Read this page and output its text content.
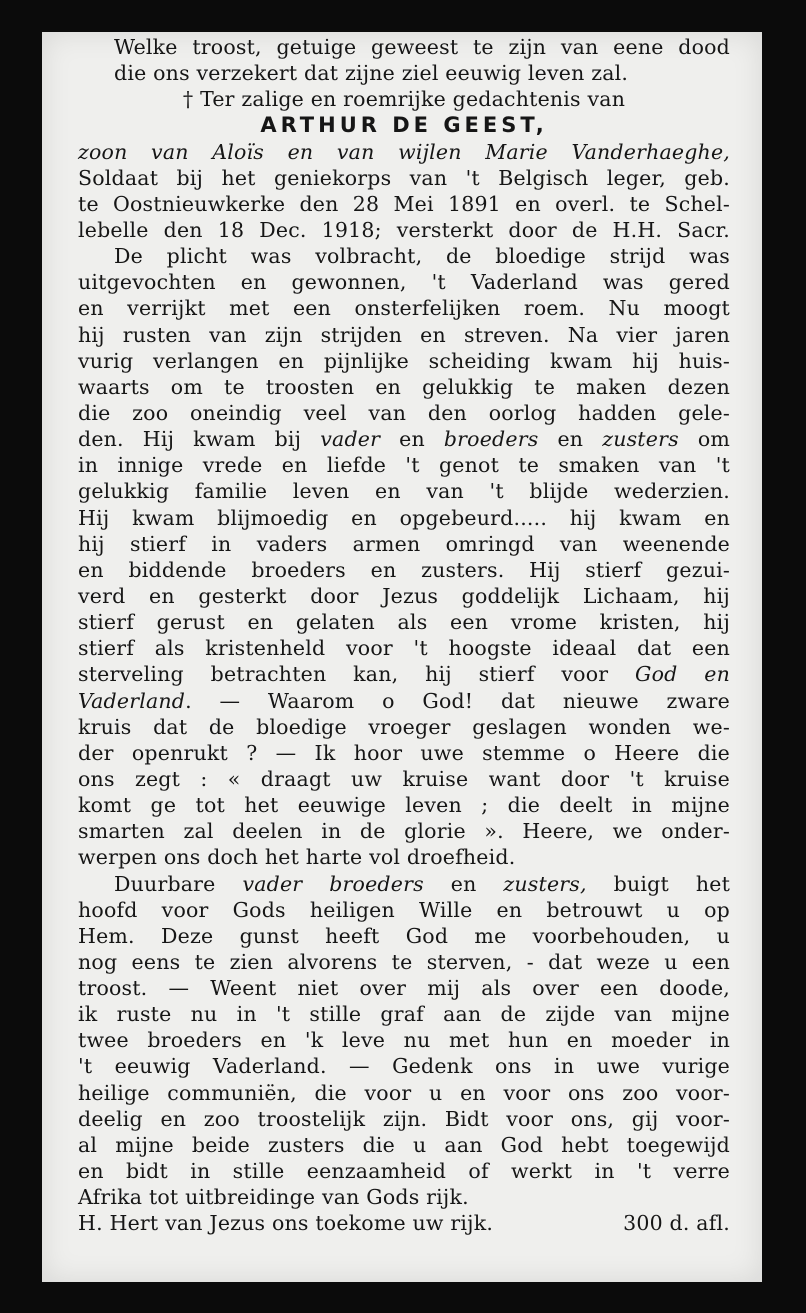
Welke troost, getuige geweest te zijn van eene dood
die ons verzekert dat zijne ziel eeuwig leven zal.
† Ter zalige en roemrijke gedachtenis van
ARTHUR DE GEEST,
zoon van Aloïs en van wijlen Marie Vanderhaeghe,
Soldaat bij het geniekorps van 't Belgisch leger, geb.
te Oostnieuwkerke den 28 Mei 1891 en overl. te Schel-
lebelle den 18 Dec. 1918; versterkt door de H.H. Sacr.
De plicht was volbracht, de bloedige strijd was
uitgevochten en gewonnen, 't Vaderland was gered
en verrijkt met een onsterfelijken roem. Nu moogt
hij rusten van zijn strijden en streven. Na vier jaren
vurig verlangen en pijnlijke scheiding kwam hij huis-
waarts om te troosten en gelukkig te maken dezen
die zoo oneindig veel van den oorlog hadden gele-
den. Hij kwam bij vader en broeders en zusters om
in innige vrede en liefde 't genot te smaken van 't
gelukkig familie leven en van 't blijde wederzien.
Hij kwam blijmoedig en opgebeurd..... hij kwam en
hij stierf in vaders armen omringd van weenende
en biddende broeders en zusters. Hij stierf gezui-
verd en gesterkt door Jezus goddelijk Lichaam, hij
stierf gerust en gelaten als een vrome kristen, hij
stierf als kristenheld voor 't hoogste ideaal dat een
sterveling betrachten kan, hij stierf voor God en
Vaderland. — Waarom o God! dat nieuwe zware
kruis dat de bloedige vroeger geslagen wonden we-
der openrukt ? — Ik hoor uwe stemme o Heere die
ons zegt : « draagt uw kruise want door 't kruise
komt ge tot het eeuwige leven ; die deelt in mijne
smarten zal deelen in de glorie ». Heere, we onder-
werpen ons doch het harte vol droefheid.
Duurbare vader broeders en zusters, buigt het
hoofd voor Gods heiligen Wille en betrouwt u op
Hem. Deze gunst heeft God me voorbehouden, u
nog eens te zien alvorens te sterven, - dat weze u een
troost. — Weent niet over mij als over een doode,
ik ruste nu in 't stille graf aan de zijde van mijne
twee broeders en 'k leve nu met hun en moeder in
't eeuwig Vaderland. — Gedenk ons in uwe vurige
heilige communiën, die voor u en voor ons zoo voor-
deelig en zoo troostelijk zijn. Bidt voor ons, gij voor-
al mijne beide zusters die u aan God hebt toegewijd
en bidt in stille eenzaamheid of werkt in 't verre
Afrika tot uitbreidinge van Gods rijk.
H. Hert van Jezus ons toekome uw rijk.	300 d. afl.
